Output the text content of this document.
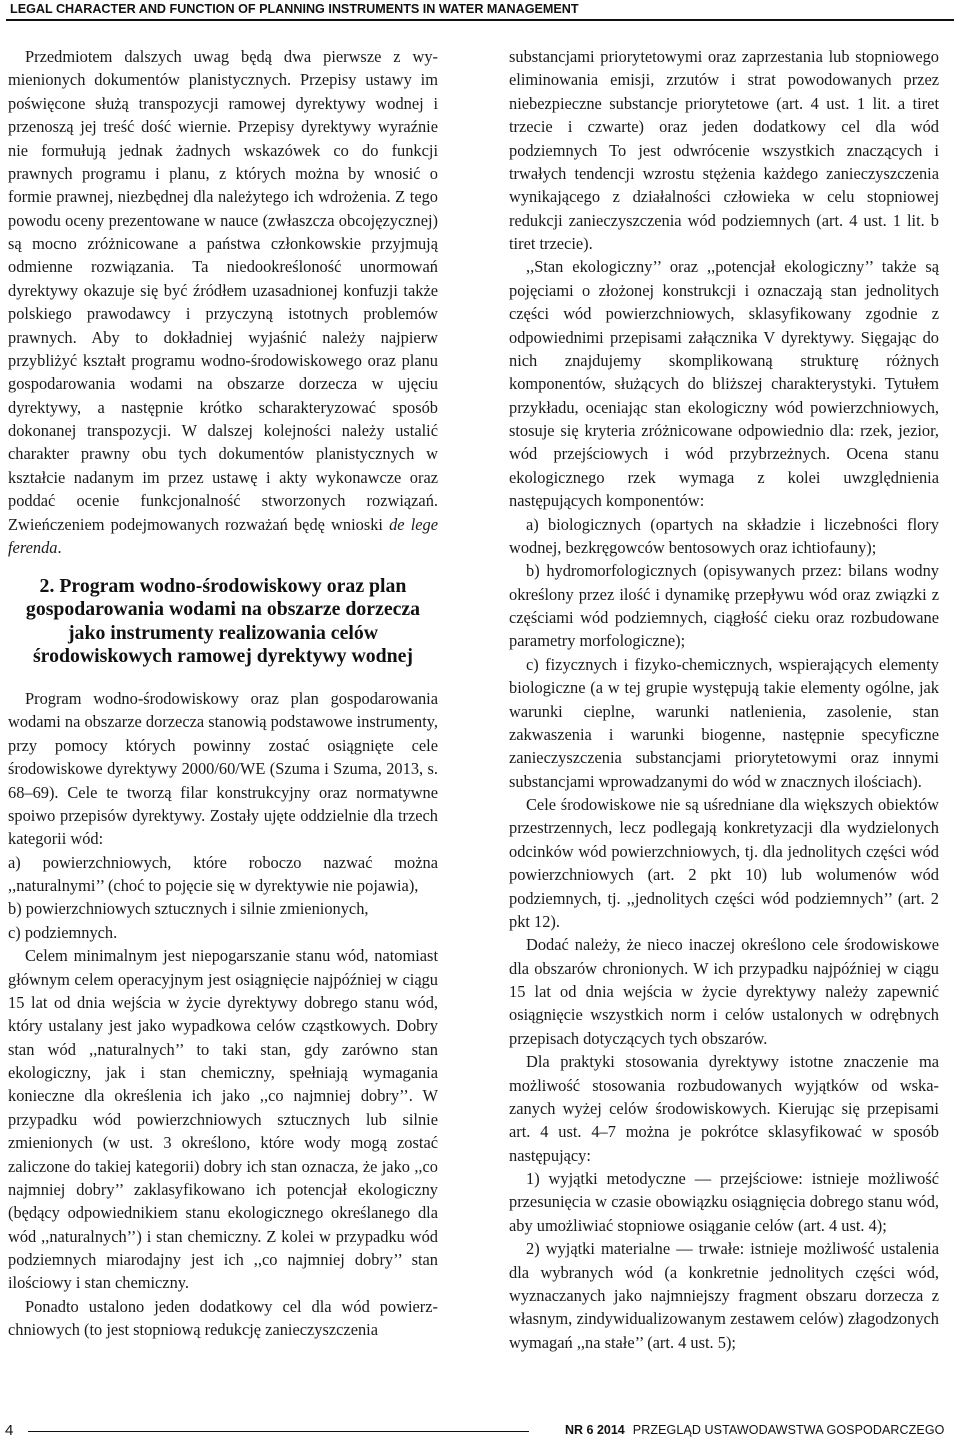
LEGAL CHARACTER AND FUNCTION OF PLANNING INSTRUMENTS IN WATER MANAGEMENT

Przedmiotem dalszych uwag będą dwa pierwsze z wymienionych dokumentów planistycznych. Przepisy ustawy im poświęcone służą transpozycji ramowej dyrektywy wodnej i przenoszą jej treść dość wiernie. Przepisy dyrektywy wyraźnie nie formułują jednak żadnych wskazówek co do funkcji prawnych programu i planu, z których można by wnosić o formie prawnej, niezbędnej dla należytego ich wdrożenia. Z tego powodu oceny prezentowane w nauce (zwłaszcza obcojęzycznej) są mocno zróżnicowane a państwa członkowskie przyjmują odmienne rozwiązania. Ta niedookreśloność unormowań dyrektywy okazuje się być źródłem uzasadnionej konfuzji także polskiego prawodawcy i przyczyną istotnych problemów prawnych. Aby to dokładniej wyjaśnić należy najpierw przybliżyć kształt programu wodno-środowiskowego oraz planu gospodarowania wodami na obszarze dorzecza w ujęciu dyrektywy, a następnie krótko scharakteryzować sposób dokonanej transpozycji. W dalszej kolejności należy ustalić charakter prawny obu tych dokumentów planistycznych w kształcie nadanym im przez ustawę i akty wykonawcze oraz poddać ocenie funkcjonalność stworzonych rozwiązań. Zwieńczeniem podejmowanych rozważań będę wnioski de lege ferenda.

2. Program wodno-środowiskowy oraz plan
gospodarowania wodami na obszarze dorzecza
jako instrumenty realizowania celów
środowiskowych ramowej dyrektywy wodnej

Program wodno-środowiskowy oraz plan gospodarowania wodami na obszarze dorzecza stanowią podstawowe instrumenty, przy pomocy których powinny zostać osiągnięte cele środowiskowe dyrektywy 2000/60/WE (Szuma i Szuma, 2013, s. 68–69). Cele te tworzą filar konstrukcyjny oraz normatywne spoiwo przepisów dyrektywy. Zostały ujęte oddzielnie dla trzech kategorii wód:

a) powierzchniowych, które roboczo nazwać można ,,naturalnymi’’ (choć to pojęcie się w dyrektywie nie pojawia),

b) powierzchniowych sztucznych i silnie zmienionych,

c) podziemnych.

Celem minimalnym jest niepogarszanie stanu wód, natomiast głównym celem operacyjnym jest osiągnięcie najpóźniej w ciągu 15 lat od dnia wejścia w życie dyrektywy dobrego stanu wód, który ustalany jest jako wypadkowa celów cząstkowych. Dobry stan wód ,,naturalnych’’ to taki stan, gdy zarówno stan ekologiczny, jak i stan chemiczny, spełniają wymagania konieczne dla określenia ich jako ,,co najmniej dobry’’. W przypadku wód powierzchniowych sztucznych lub silnie zmienionych (w ust. 3 określono, które wody mogą zostać zaliczone do takiej kategorii) dobry ich stan oznacza, że jako ,,co najmniej dobry’’ zaklasyfikowano ich potencjał ekologiczny (będący odpowiednikiem stanu ekologicznego określanego dla wód ,,naturalnych’’) i stan chemiczny. Z kolei w przypadku wód podziemnych miarodajny jest ich ,,co najmniej dobry’’ stan ilościowy i stan chemiczny.

Ponadto ustalono jeden dodatkowy cel dla wód powierzchniowych (to jest stopniową redukcję zanieczyszczenia

substancjami priorytetowymi oraz zaprzestania lub stopniowego eliminowania emisji, zrzutów i strat powodowanych przez niebezpieczne substancje priorytetowe (art. 4 ust. 1 lit. a tiret trzecie i czwarte) oraz jeden dodatkowy cel dla wód podziemnych To jest odwrócenie wszystkich znaczących i trwałych tendencji wzrostu stężenia każdego zanieczyszczenia wynikającego z działalności człowieka w celu stopniowej redukcji zanieczyszczenia wód podziemnych (art. 4 ust. 1 lit. b tiret trzecie).

,,Stan ekologiczny’’ oraz ,,potencjał ekologiczny’’ także są pojęciami o złożonej konstrukcji i oznaczają stan jednolitych części wód powierzchniowych, sklasyfikowany zgodnie z odpowiednimi przepisami załącznika V dyrektywy. Sięgając do nich znajdujemy skomplikowaną strukturę różnych komponentów, służących do bliższej charakterystyki. Tytułem przykładu, oceniając stan ekologiczny wód powierzchniowych, stosuje się kryteria zróżnicowane odpowiednio dla: rzek, jezior, wód przejściowych i wód przybrzeżnych. Ocena stanu ekologicznego rzek wymaga z kolei uwzględnienia następujących komponentów:

a) biologicznych (opartych na składzie i liczebności flory wodnej, bezkręgowców bentosowych oraz ichtiofauny);

b) hydromorfologicznych (opisywanych przez: bilans wodny określony przez ilość i dynamikę przepływu wód oraz związki z częściami wód podziemnych, ciągłość cieku oraz rozbudowane parametry morfologiczne);

c) fizycznych i fizyko-chemicznych, wspierających elementy biologiczne (a w tej grupie występują takie elementy ogólne, jak warunki cieplne, warunki natlenienia, zasolenie, stan zakwaszenia i warunki biogenne, następnie specyficzne zanieczyszczenia substancjami priorytetowymi oraz innymi substancjami wprowadzanymi do wód w znacznych ilościach).

Cele środowiskowe nie są uśredniane dla większych obiektów przestrzennych, lecz podlegają konkretyzacji dla wydzielonych odcinków wód powierzchniowych, tj. dla jednolitych części wód powierzchniowych (art. 2 pkt 10) lub wolumenów wód podziemnych, tj. ,,jednolitych części wód podziemnych’’ (art. 2 pkt 12).

Dodać należy, że nieco inaczej określono cele środowiskowe dla obszarów chronionych. W ich przypadku najpóźniej w ciągu 15 lat od dnia wejścia w życie dyrektywy należy zapewnić osiągnięcie wszystkich norm i celów ustalonych w odrębnych przepisach dotyczących tych obszarów.

Dla praktyki stosowania dyrektywy istotne znaczenie ma możliwość stosowania rozbudowanych wyjątków od wskazanych wyżej celów środowiskowych. Kierując się przepisami art. 4 ust. 4–7 można je pokrótce sklasyfikować w sposób następujący:

1) wyjątki metodyczne — przejściowe: istnieje możliwość przesunięcia w czasie obowiązku osiągnięcia dobrego stanu wód, aby umożliwiać stopniowe osiąganie celów (art. 4 ust. 4);

2) wyjątki materialne — trwałe: istnieje możliwość ustalenia dla wybranych wód (a konkretnie jednolitych części wód, wyznaczanych jako najmniejszy fragment obszaru dorzecza z własnym, zindywidualizowanym zestawem celów) złagodzonych wymagań ,,na stałe’’ (art. 4 ust. 5);

4	NR 6 2014 PRZEGLĄD USTAWODAWSTWA GOSPODARCZEGO
